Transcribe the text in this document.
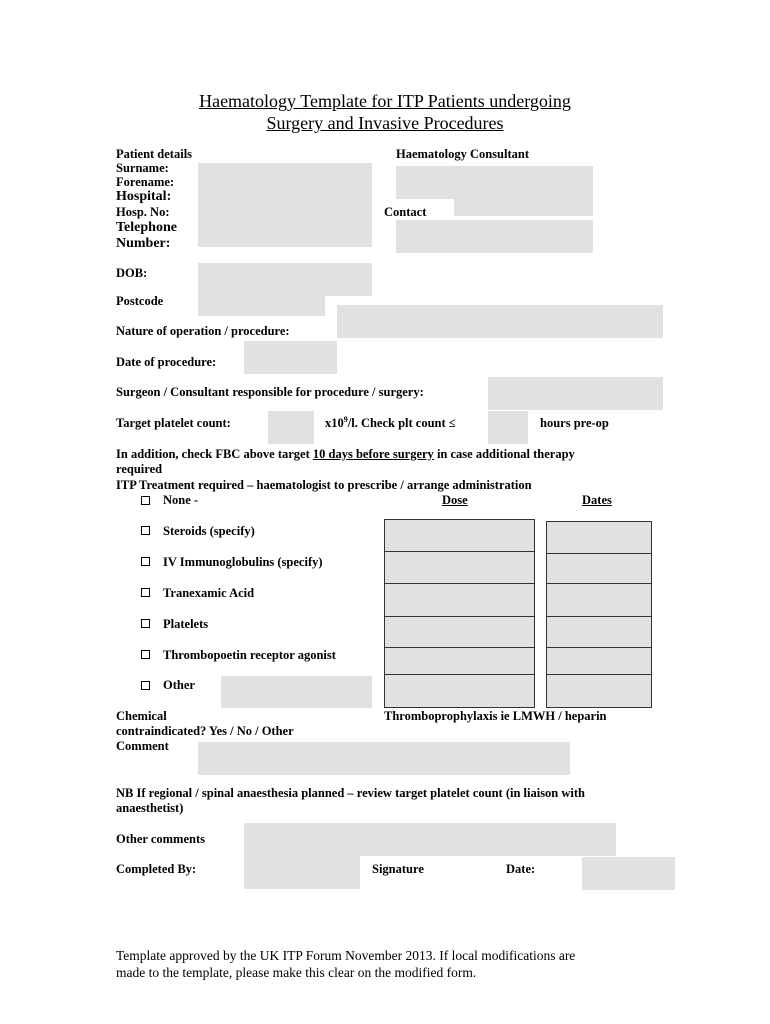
Haematology Template for ITP Patients undergoing
Surgery and Invasive Procedures
Patient details
Surname:
Forename:
Hospital:
Hosp. No:
Telephone
Number:
Haematology Consultant
Contact
DOB:
Postcode
Nature of operation / procedure:
Date of procedure:
Surgeon / Consultant responsible for procedure / surgery:
Target platelet count:	$x10^9/l$. Check plt count ≤	hours pre-op
In addition, check FBC above target 10 days before surgery in case additional therapy
required
ITP Treatment required – haematologist to prescribe / arrange administration
Dose	Dates
None -
Steroids (specify)
IV Immunoglobulins (specify)
Tranexamic Acid
Platelets
Thrombopoetin receptor agonist
Other
Chemical
contraindicated? Yes / No / Other
Comment
Thromboprophylaxis ie LMWH / heparin
NB If regional / spinal anaesthesia planned – review target platelet count (in liaison with
anaesthetist)
Other comments
Completed By:	Signature	Date:
Template approved by the UK ITP Forum November 2013. If local modifications are
made to the template, please make this clear on the modified form.
